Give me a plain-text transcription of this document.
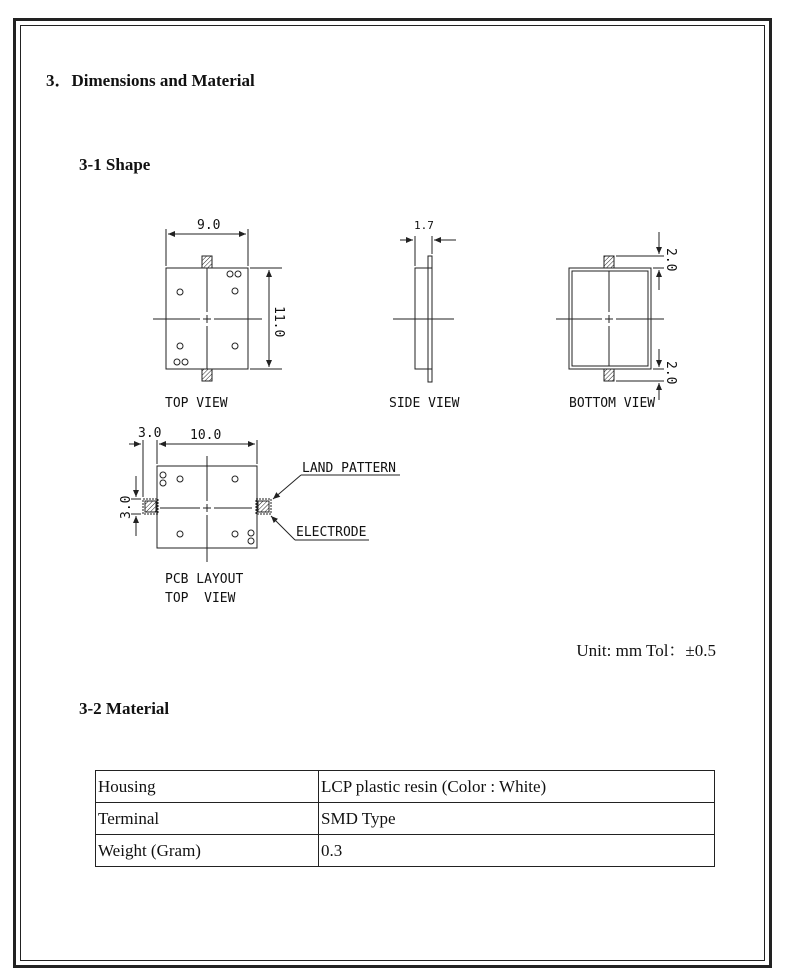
3．Dimensions and Material
3-1 Shape
9.0
11.0
TOP VIEW
1.7
SIDE VIEW
2.0
2.0
BOTTOM VIEW
3.0 10.0
3.0
LAND PATTERN
ELECTRODE
PCB LAYOUT
TOP  VIEW
Unit: mm Tol：±0.5
3-2 Material
Housing	LCP plastic resin (Color : White)
Terminal	SMD Type
Weight (Gram)	0.3
